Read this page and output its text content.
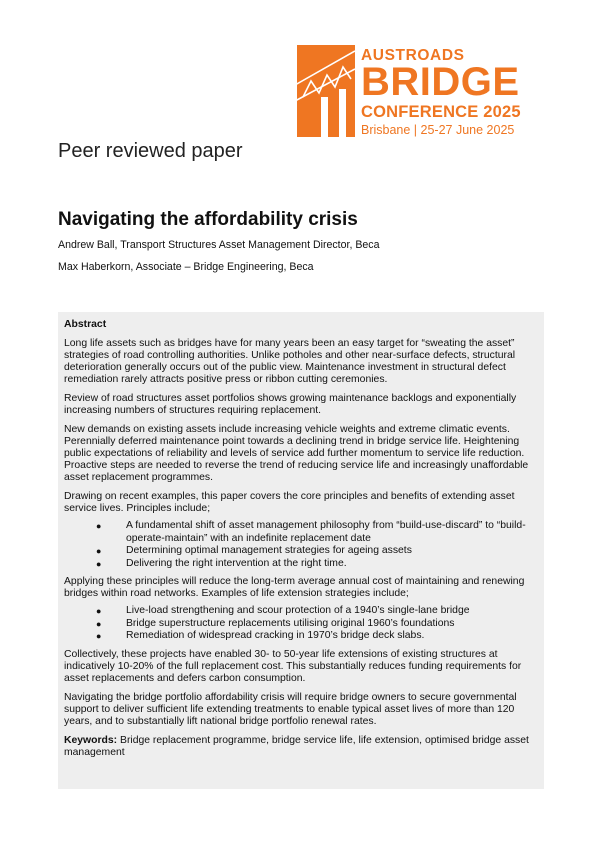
AUSTROADS
BRIDGE
CONFERENCE 2025
Brisbane | 25-27 June 2025
Peer reviewed paper
Navigating the affordability crisis
Andrew Ball, Transport Structures Asset Management Director, Beca
Max Haberkorn, Associate – Bridge Engineering, Beca
Abstract

Long life assets such as bridges have for many years been an easy target for “sweating the asset” strategies of road controlling authorities. Unlike potholes and other near-surface defects, structural deterioration generally occurs out of the public view. Maintenance investment in structural defect remediation rarely attracts positive press or ribbon cutting ceremonies.

Review of road structures asset portfolios shows growing maintenance backlogs and exponentially increasing numbers of structures requiring replacement.

New demands on existing assets include increasing vehicle weights and extreme climatic events. Perennially deferred maintenance point towards a declining trend in bridge service life. Heightening public expectations of reliability and levels of service add further momentum to service life reduction. Proactive steps are needed to reverse the trend of reducing service life and increasingly unaffordable asset replacement programmes.

Drawing on recent examples, this paper covers the core principles and benefits of extending asset service lives. Principles include;

● A fundamental shift of asset management philosophy from “build-use-discard” to “build-operate-maintain” with an indefinite replacement date
● Determining optimal management strategies for ageing assets
● Delivering the right intervention at the right time.

Applying these principles will reduce the long-term average annual cost of maintaining and renewing bridges within road networks. Examples of life extension strategies include;

● Live-load strengthening and scour protection of a 1940’s single-lane bridge
● Bridge superstructure replacements utilising original 1960’s foundations
● Remediation of widespread cracking in 1970’s bridge deck slabs.

Collectively, these projects have enabled 30- to 50-year life extensions of existing structures at indicatively 10-20% of the full replacement cost. This substantially reduces funding requirements for asset replacements and defers carbon consumption.

Navigating the bridge portfolio affordability crisis will require bridge owners to secure governmental support to deliver sufficient life extending treatments to enable typical asset lives of more than 120 years, and to substantially lift national bridge portfolio renewal rates.

Keywords: Bridge replacement programme, bridge service life, life extension, optimised bridge asset management
